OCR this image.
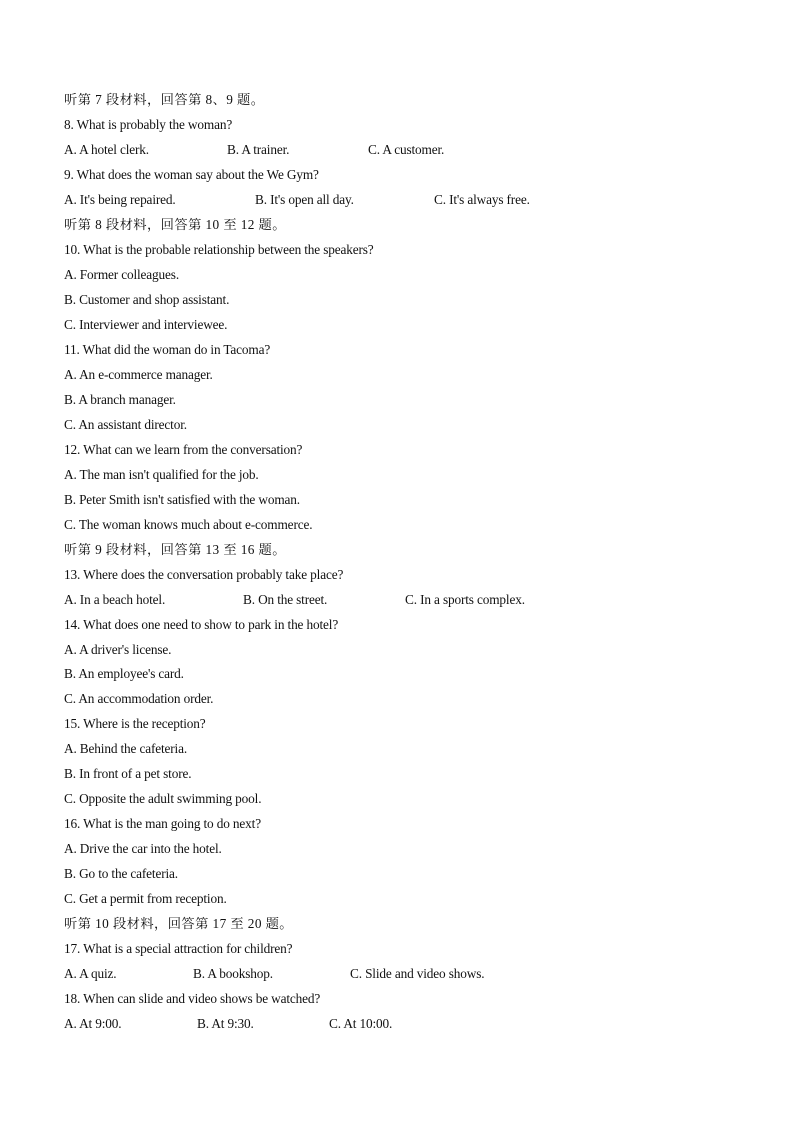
听第 7 段材料，回答第 8、9 题。
8. What is probably the woman?

A. A hotel clerk.

	B. A trainer.

	C. A customer.

9. What does the woman say about the We Gym?

A. It's being repaired.

	B. It's open all day.

	C. It's always free.

听第 8 段材料，回答第 10 至 12 题。
10. What is the probable relationship between the speakers?
A. Former colleagues.
B. Customer and shop assistant.
C. Interviewer and interviewee.
11. What did the woman do in Tacoma?
A. An e-commerce manager.
B. A branch manager.
C. An assistant director.
12. What can we learn from the conversation?
A. The man isn't qualified for the job.
B. Peter Smith isn't satisfied with the woman.
C. The woman knows much about e-commerce.
听第 9 段材料，回答第 13 至 16 题。
13. Where does the conversation probably take place?

A. In a beach hotel.

	B. On the street.

	C. In a sports complex.

14. What does one need to show to park in the hotel?
A. A driver's license.
B. An employee's card.
C. An accommodation order.
15. Where is the reception?
A. Behind the cafeteria.
B. In front of a pet store.
C. Opposite the adult swimming pool.
16. What is the man going to do next?
A. Drive the car into the hotel.
B. Go to the cafeteria.
C. Get a permit from reception.
听第 10 段材料，回答第 17 至 20 题。
17. What is a special attraction for children?

A. A quiz.

	B. A bookshop.

	C. Slide and video shows.

18. When can slide and video shows be watched?

A. At 9:00.

	B. At 9:30.

	C. At 10:00.
